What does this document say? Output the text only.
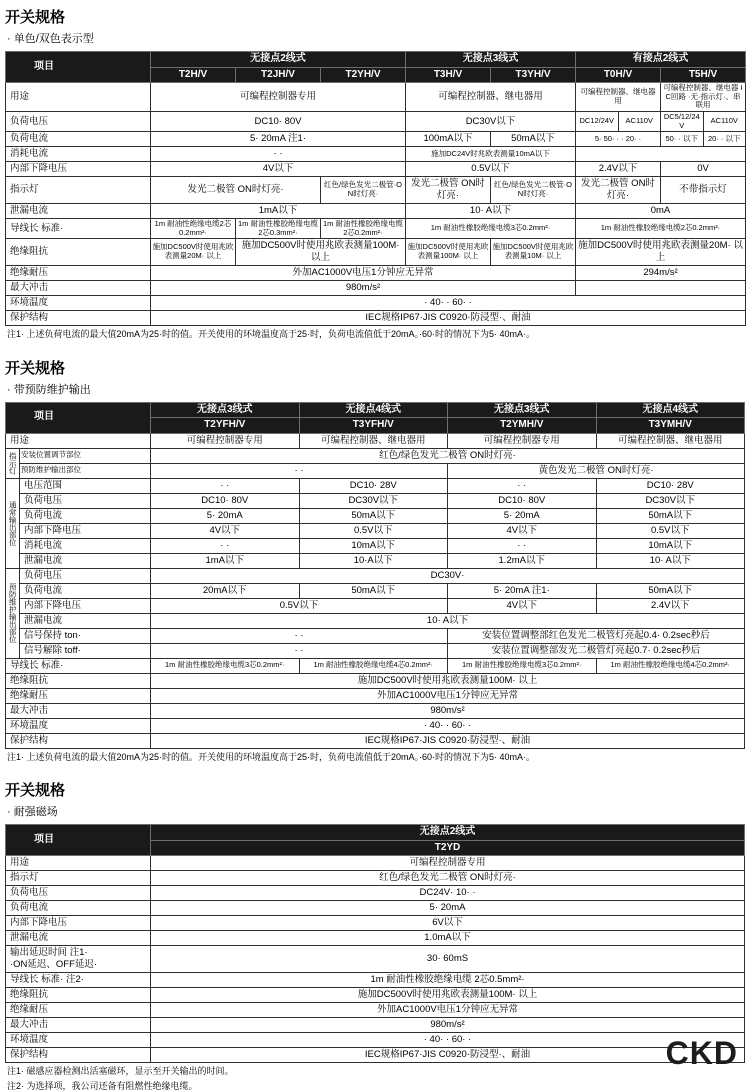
开关规格
· 单色/双色表示型
项目	无接点2线式			无接点3线式		有接点2线式			
	T2H/V	T2JH/V	T2YH/V	T3H/V	T3YH/V	T0H/V		T5H/V	
用途	可编程控制器专用			可编程控制器、继电器用		可编程控制器、继电器用		可编程控制器、继电器 IC回路 ·无·指示灯·、串联用	
负荷电压	DC10· 80V			DC30V以下		DC12/24V	AC110V	DC5/12/24V	AC110V
负荷电流	5· 20mA 注1·			100mA以下	50mA以下	5· 50· · · 20· ·		50· · 以下	20· · 以下
消耗电流	· ·			施加DC24V时兆欧表测量10mA以下					
内部下降电压	4V以下			0.5V以下		2.4V以下		0V	
指示灯	发光二极管 ON时灯亮·		红色/绿色发光二极管·ON时灯亮·	发光二极管 ON时灯亮·	红色/绿色发光二极管·ON时灯亮·	发光二极管 ON时灯亮·		不带指示灯	
泄漏电流	1mA以下			10· A以下		0mA			
导线长 标准·	1m 耐油性绝缘电缆2芯0.2mm²·	1m 耐油性橡胶绝缘电缆2芯0.3mm²·	1m 耐油性橡胶绝缘电缆2芯0.2mm²·	1m 耐油性橡胶绝缘电缆3芯0.2mm²·		1m 耐油性橡胶绝缘电缆2芯0.2mm²·			
绝缘阻抗	施加DC500V时使用兆欧表测量20M· 以上	施加DC500V时使用兆欧表测量100M· 以上		施加DC500V时使用兆欧表测量100M· 以上	施加DC500V时使用兆欧表测量10M· 以上	施加DC500V时使用兆欧表测量20M· 以上			
绝缘耐压	外加AC1000V电压1分钟应无异常					294m/s²			
最大冲击	980m/s²								
环境温度	· 40· · 60· ·								
保护结构	IEC规格IP67·JIS C0920·防浸型·、耐油								
注1· 上述负荷电流的最大值20mA为25·时的值。开关使用的环境温度高于25·时，负荷电流值低于20mA。·60·时的情况下为5· 40mA·。
开关规格
· 带预防维护输出
项目		无接点3线式	无接点4线式	无接点3线式	无接点4线式
		T2YFH/V	T3YFH/V	T2YMH/V	T3YMH/V
用途		可编程控制器专用	可编程控制器、继电器用	可编程控制器专用	可编程控制器、继电器用
指示灯	安装位置调节部位	红色/绿色发光二极管 ON时灯亮·			
	预防维护输出部位	· ·		黄色发光二极管 ON时灯亮·	
通常输出部位	电压范围	· ·	DC10· 28V	· ·	DC10· 28V
	负荷电压	DC10· 80V	DC30V以下	DC10· 80V	DC30V以下
	负荷电流	5· 20mA	50mA以下	5· 20mA	50mA以下
	内部下降电压	4V以下	0.5V以下	4V以下	0.5V以下
	消耗电流	· ·	10mA以下	· ·	10mA以下
	泄漏电流	1mA以下	10·A以下	1.2mA以下	10· A以下
预防维护输出部位	负荷电压	DC30V·			
	负荷电流	20mA以下	50mA以下	5· 20mA 注1·	50mA以下
	内部下降电压	0.5V以下		4V以下	2.4V以下
	泄漏电流	10· A以下			
	信号保持 ton·	· ·		安装位置调整部红色发光二极管灯亮起0.4· 0.2sec秒后	
	信号解除 toff·	· ·		安装位置调整部发光二极管灯亮起0.7· 0.2sec秒后	
导线长 标准·		1m 耐油性橡胶绝缘电缆3芯0.2mm²·	1m 耐油性橡胶绝缘电缆4芯0.2mm²·	1m 耐油性橡胶绝缘电缆3芯0.2mm²·	1m 耐油性橡胶绝缘电缆4芯0.2mm²·
绝缘阻抗		施加DC500V时使用兆欧表测量100M· 以上			
绝缘耐压		外加AC1000V电压1分钟应无异常			
最大冲击		980m/s²			
环境温度		· 40· · 60· ·			
保护结构		IEC规格IP67·JIS C0920·防浸型·、耐油			
注1· 上述负荷电流的最大值20mA为25·时的值。开关使用的环境温度高于25·时，负荷电流值低于20mA。·60·时的情况下为5· 40mA·。
开关规格
· 耐强磁场
项目	无接点2线式
	T2YD
用途	可编程控制器专用
指示灯	红色/绿色发光二极管 ON时灯亮·
负荷电压	DC24V· 10· ·
负荷电流	5· 20mA
内部下降电压	6V以下
泄漏电流	1.0mA以下
输出延迟时间 注1·
·ON延迟、OFF延迟·	30· 60mS
导线长 标准· 注2·	1m 耐油性橡胶绝缘电缆 2芯0.5mm²·
绝缘阻抗	施加DC500V时使用兆欧表测量100M· 以上
绝缘耐压	外加AC1000V电压1分钟应无异常
最大冲击	980m/s²
环境温度	· 40· · 60· ·
保护结构	IEC规格IP67·JIS C0920·防浸型·、耐油
注1· 磁感应器检测出活塞磁环，显示至开关输出的时间。
注2· 为选择项，我公司还备有阻燃性绝缘电缆。
CKD
